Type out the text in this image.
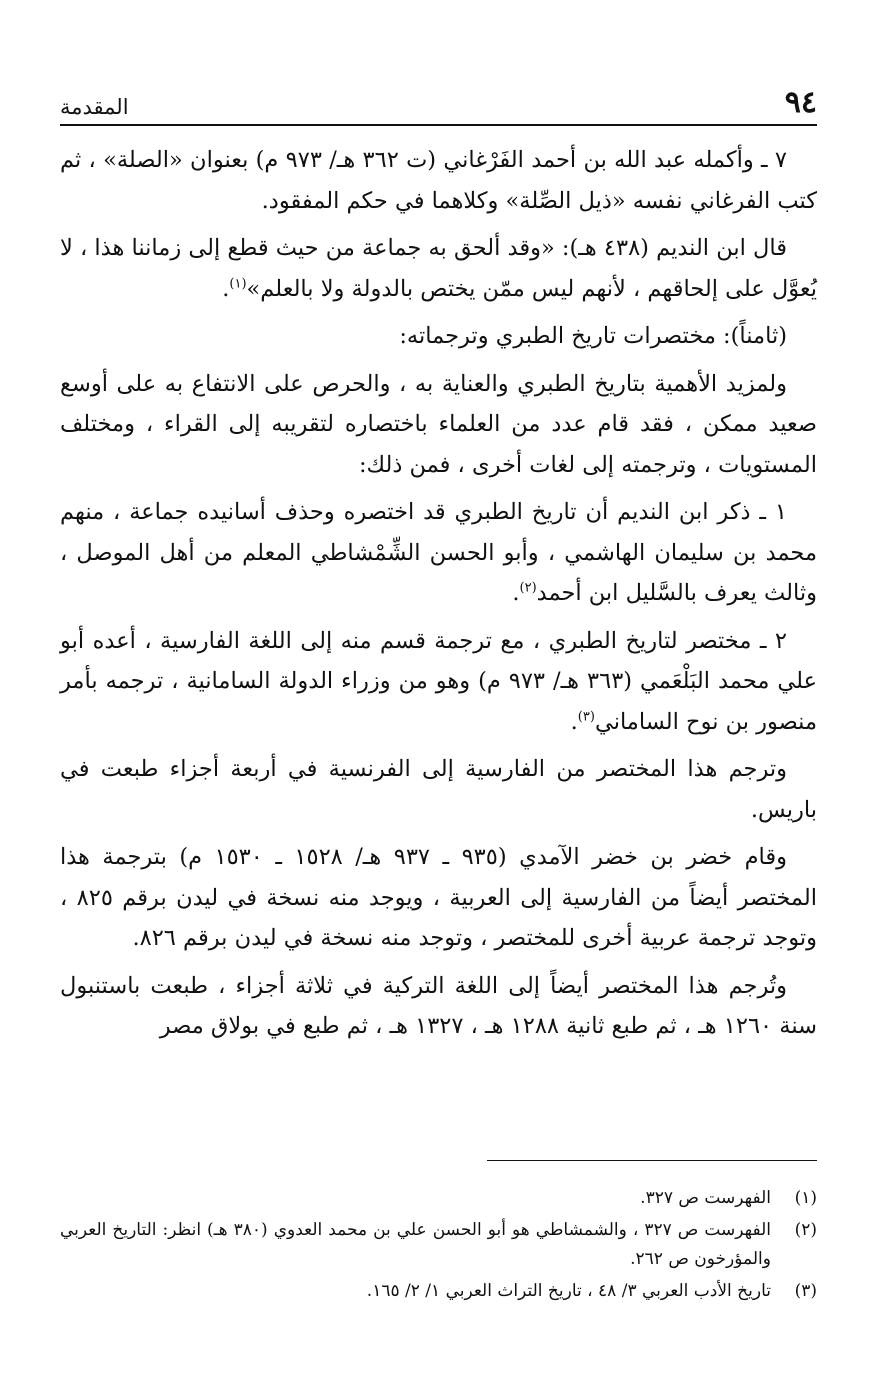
٩٤
المقدمة

٧ ـ وأكمله عبد الله بن أحمد الفَرْغاني (ت ٣٦٢ هـ/ ٩٧٣ م) بعنوان «الصلة» ، ثم كتب الفرغاني نفسه «ذيل الصِّلة» وكلاهما في حكم المفقود.

قال ابن النديم (٤٣٨ هـ): «وقد ألحق به جماعة من حيث قطع إلى زماننا هذا ، لا يُعوَّل على إلحاقهم ، لأنهم ليس ممّن يختص بالدولة ولا بالعلم»$^{(١)}$.

(ثامناً): مختصرات تاريخ الطبري وترجماته:

ولمزيد الأهمية بتاريخ الطبري والعناية به ، والحرص على الانتفاع به على أوسع صعيد ممكن ، فقد قام عدد من العلماء باختصاره لتقريبه إلى القراء ، ومختلف المستويات ، وترجمته إلى لغات أخرى ، فمن ذلك:

١ ـ ذكر ابن النديم أن تاريخ الطبري قد اختصره وحذف أسانيده جماعة ، منهم محمد بن سليمان الهاشمي ، وأبو الحسن الشِّمْشاطي المعلم من أهل الموصل ، وثالث يعرف بالسَّليل ابن أحمد$^{(٢)}$.

٢ ـ مختصر لتاريخ الطبري ، مع ترجمة قسم منه إلى اللغة الفارسية ، أعده أبو علي محمد البَلْعَمي (٣٦٣ هـ/ ٩٧٣ م) وهو من وزراء الدولة السامانية ، ترجمه بأمر منصور بن نوح الساماني$^{(٣)}$.

وترجم هذا المختصر من الفارسية إلى الفرنسية في أربعة أجزاء طبعت في باريس.

وقام خضر بن خضر الآمدي (٩٣٥ ـ ٩٣٧ هـ/ ١٥٢٨ ـ ١٥٣٠ م) بترجمة هذا المختصر أيضاً من الفارسية إلى العربية ، ويوجد منه نسخة في ليدن برقم ٨٢٥ ، وتوجد ترجمة عربية أخرى للمختصر ، وتوجد منه نسخة في ليدن برقم ٨٢٦.

وتُرجم هذا المختصر أيضاً إلى اللغة التركية في ثلاثة أجزاء ، طبعت باستنبول سنة ١٢٦٠ هـ ، ثم طبع ثانية ١٢٨٨ هـ ، ١٣٢٧ هـ ، ثم طبع في بولاق مصر

(١)
الفهرست ص ٣٢٧.
(٢)
الفهرست ص ٣٢٧ ، والشمشاطي هو أبو الحسن علي بن محمد العدوي (٣٨٠ هـ) انظر: التاريخ العربي والمؤرخون ص ٢٦٢.
(٣)
تاريخ الأدب العربي ٣/ ٤٨ ، تاريخ التراث العربي ١/ ٢/ ١٦٥.
